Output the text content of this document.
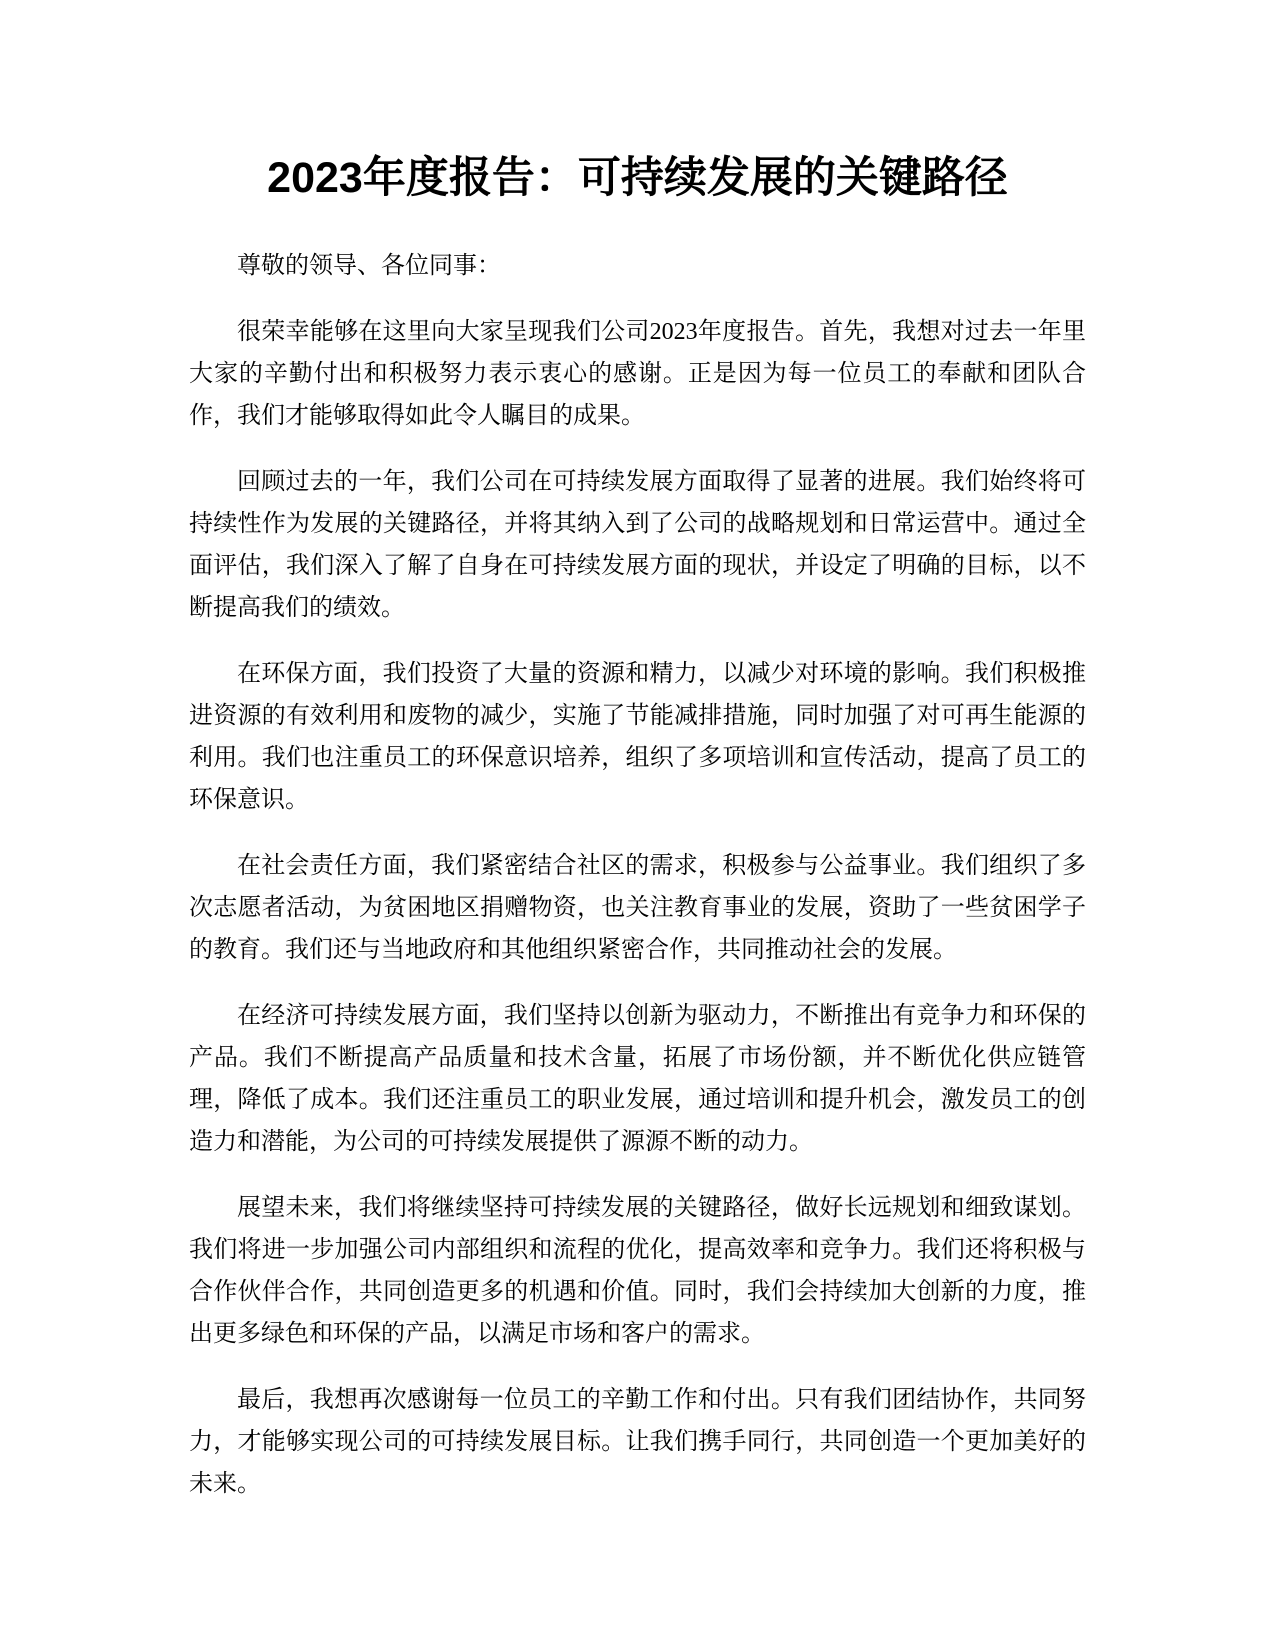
2023年度报告：可持续发展的关键路径

尊敬的领导、各位同事：

很荣幸能够在这里向大家呈现我们公司2023年度报告。首先，我想对过去一年里大家的辛勤付出和积极努力表示衷心的感谢。正是因为每一位员工的奉献和团队合作，我们才能够取得如此令人瞩目的成果。

回顾过去的一年，我们公司在可持续发展方面取得了显著的进展。我们始终将可持续性作为发展的关键路径，并将其纳入到了公司的战略规划和日常运营中。通过全面评估，我们深入了解了自身在可持续发展方面的现状，并设定了明确的目标，以不断提高我们的绩效。

在环保方面，我们投资了大量的资源和精力，以减少对环境的影响。我们积极推进资源的有效利用和废物的减少，实施了节能减排措施，同时加强了对可再生能源的利用。我们也注重员工的环保意识培养，组织了多项培训和宣传活动，提高了员工的环保意识。

在社会责任方面，我们紧密结合社区的需求，积极参与公益事业。我们组织了多次志愿者活动，为贫困地区捐赠物资，也关注教育事业的发展，资助了一些贫困学子的教育。我们还与当地政府和其他组织紧密合作，共同推动社会的发展。

在经济可持续发展方面，我们坚持以创新为驱动力，不断推出有竞争力和环保的产品。我们不断提高产品质量和技术含量，拓展了市场份额，并不断优化供应链管理，降低了成本。我们还注重员工的职业发展，通过培训和提升机会，激发员工的创造力和潜能，为公司的可持续发展提供了源源不断的动力。

展望未来，我们将继续坚持可持续发展的关键路径，做好长远规划和细致谋划。我们将进一步加强公司内部组织和流程的优化，提高效率和竞争力。我们还将积极与合作伙伴合作，共同创造更多的机遇和价值。同时，我们会持续加大创新的力度，推出更多绿色和环保的产品，以满足市场和客户的需求。

最后，我想再次感谢每一位员工的辛勤工作和付出。只有我们团结协作，共同努力，才能够实现公司的可持续发展目标。让我们携手同行，共同创造一个更加美好的未来。
